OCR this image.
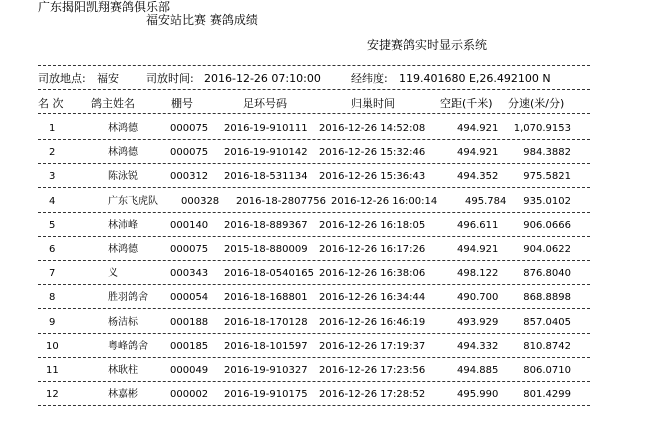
广东揭阳凯翔赛鸽俱乐部
福安站比赛 赛鸽成绩
安捷赛鸽实时显示系统
司放地点: 福安 司放时间: 2016-12-26 07:10:00	经纬度: 119.401680 E,26.492100 N
名 次	鸽主姓名	棚号	足环号码	归巢时间	空距(千米) 分速(米/分)
1	林鸿德	000075 2016-19-910111 2016-12-26 14:52:08	494.921 1,070.9153
2	林鸿德	000075 2016-19-910142 2016-12-26 15:32:46	494.921 984.3882
3	陈泳锐	000312 2016-18-531134 2016-12-26 15:36:43	494.352 975.5821
4	广东飞虎队 000328 2016-18-2807756 2016-12-26 16:00:14	495.784 935.0102
5	林沛峰	000140 2016-18-889367 2016-12-26 16:18:05	496.611 906.0666
6	林鸿德	000075 2015-18-880009 2016-12-26 16:17:26	494.921 904.0622
7	义	000343 2016-18-0540165 2016-12-26 16:38:06	498.122 876.8040
8	胜羽鸽舍 000054 2016-18-168801 2016-12-26 16:34:44	490.700 868.8898
9	杨洁标	000188 2016-18-170128 2016-12-26 16:46:19	493.929 857.0405
10	粤峰鸽舍 000185 2016-18-101597 2016-12-26 17:19:37	494.332 810.8742
11	林耿柱	000049 2016-19-910327 2016-12-26 17:23:56	494.885 806.0710
12	林嘉彬	000002 2016-19-910175 2016-12-26 17:28:52	495.990 801.4299
